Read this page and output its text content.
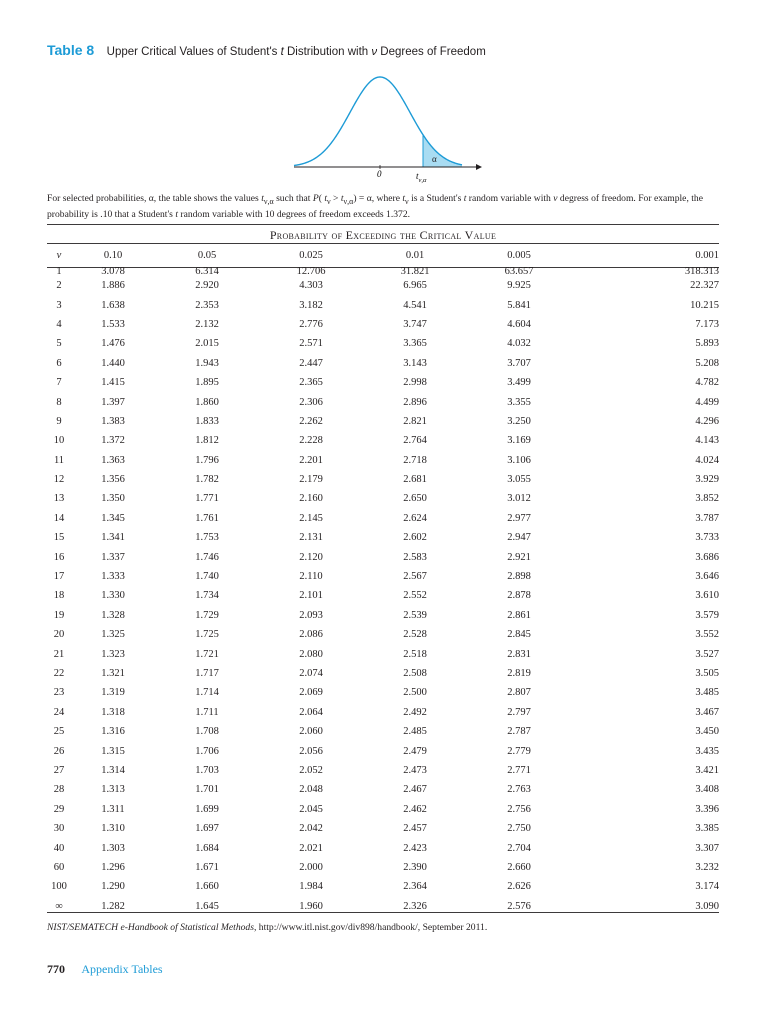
Table 8 Upper Critical Values of Student's t Distribution with ν Degrees of Freedom
0
α
$t_{\nu,\alpha}$

For selected probabilities, α, the table shows the values $t_{\nu,\alpha}$ such that P( $t_\nu > t_{\nu,\alpha}) = \alpha$, where $t_\nu$ is a Student's t random variable with ν degress of freedom. For example, the probability is .10 that a Student's t random variable with 10 degrees of freedom exceeds 1.372.

Probability of Exceeding the Critical Value
ν	0.10	0.05	0.025	0.01	0.005	0.001
1	3.078	6.314	12.706	31.821	63.657	318.313
2	1.886	2.920	4.303	6.965	9.925	22.327
3	1.638	2.353	3.182	4.541	5.841	10.215
4	1.533	2.132	2.776	3.747	4.604	7.173
5	1.476	2.015	2.571	3.365	4.032	5.893
6	1.440	1.943	2.447	3.143	3.707	5.208
7	1.415	1.895	2.365	2.998	3.499	4.782
8	1.397	1.860	2.306	2.896	3.355	4.499
9	1.383	1.833	2.262	2.821	3.250	4.296
10	1.372	1.812	2.228	2.764	3.169	4.143
11	1.363	1.796	2.201	2.718	3.106	4.024
12	1.356	1.782	2.179	2.681	3.055	3.929
13	1.350	1.771	2.160	2.650	3.012	3.852
14	1.345	1.761	2.145	2.624	2.977	3.787
15	1.341	1.753	2.131	2.602	2.947	3.733
16	1.337	1.746	2.120	2.583	2.921	3.686
17	1.333	1.740	2.110	2.567	2.898	3.646
18	1.330	1.734	2.101	2.552	2.878	3.610
19	1.328	1.729	2.093	2.539	2.861	3.579
20	1.325	1.725	2.086	2.528	2.845	3.552
21	1.323	1.721	2.080	2.518	2.831	3.527
22	1.321	1.717	2.074	2.508	2.819	3.505
23	1.319	1.714	2.069	2.500	2.807	3.485
24	1.318	1.711	2.064	2.492	2.797	3.467
25	1.316	1.708	2.060	2.485	2.787	3.450
26	1.315	1.706	2.056	2.479	2.779	3.435
27	1.314	1.703	2.052	2.473	2.771	3.421
28	1.313	1.701	2.048	2.467	2.763	3.408
29	1.311	1.699	2.045	2.462	2.756	3.396
30	1.310	1.697	2.042	2.457	2.750	3.385
40	1.303	1.684	2.021	2.423	2.704	3.307
60	1.296	1.671	2.000	2.390	2.660	3.232
100	1.290	1.660	1.984	2.364	2.626	3.174
∞	1.282	1.645	1.960	2.326	2.576	3.090

NIST/SEMATECH e-Handbook of Statistical Methods, http://www.itl.nist.gov/div898/handbook/, September 2011.

770 Appendix Tables
